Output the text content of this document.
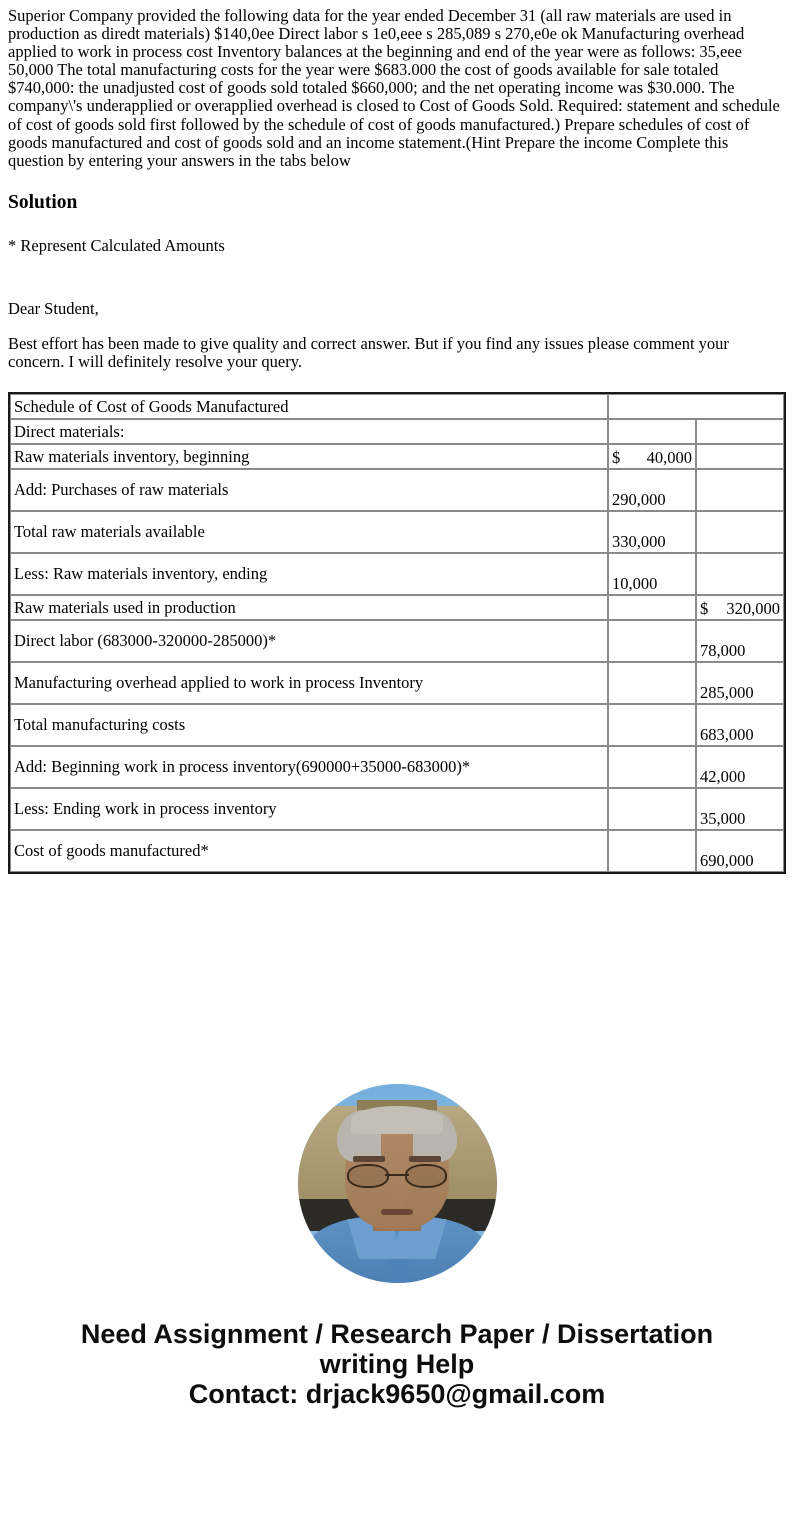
Superior Company provided the following data for the year ended December 31 (all raw materials are used in production as diredt materials) $140,0ee Direct labor s 1e0,eee s 285,089 s 270,e0e ok Manufacturing overhead applied to work in process cost Inventory balances at the beginning and end of the year were as follows: 35,eee 50,000 The total manufacturing costs for the year were $683.000 the cost of goods available for sale totaled $740,000: the unadjusted cost of goods sold totaled $660,000; and the net operating income was $30.000. The company\'s underapplied or overapplied overhead is closed to Cost of Goods Sold. Required: statement and schedule of cost of goods sold first followed by the schedule of cost of goods manufactured.) Prepare schedules of cost of goods manufactured and cost of goods sold and an income statement.(Hint Prepare the income Complete this question by entering your answers in the tabs below

Solution
* Represent Calculated Amounts
Dear Student,
Best effort has been made to give quality and correct answer. But if you find any issues please comment your concern. I will definitely resolve your query.
Schedule of Cost of Goods Manufactured		
Direct materials:		
Raw materials inventory, beginning	$ 40,000	

Add: Purchases of raw materials	290,000	
Total raw materials available	330,000	
Less: Raw materials inventory, ending	10,000	
Raw materials used in production		$ 320,000

Direct labor (683000-320000-285000)*		78,000
Manufacturing overhead applied to work in process Inventory		285,000
Total manufacturing costs		683,000
Add: Beginning work in process inventory(690000+35000-683000)*		42,000
Less: Ending work in process inventory		35,000
Cost of goods manufactured*		690,000
Need Assignment / Research Paper / Dissertation
writing Help
Contact: drjack9650@gmail.com
